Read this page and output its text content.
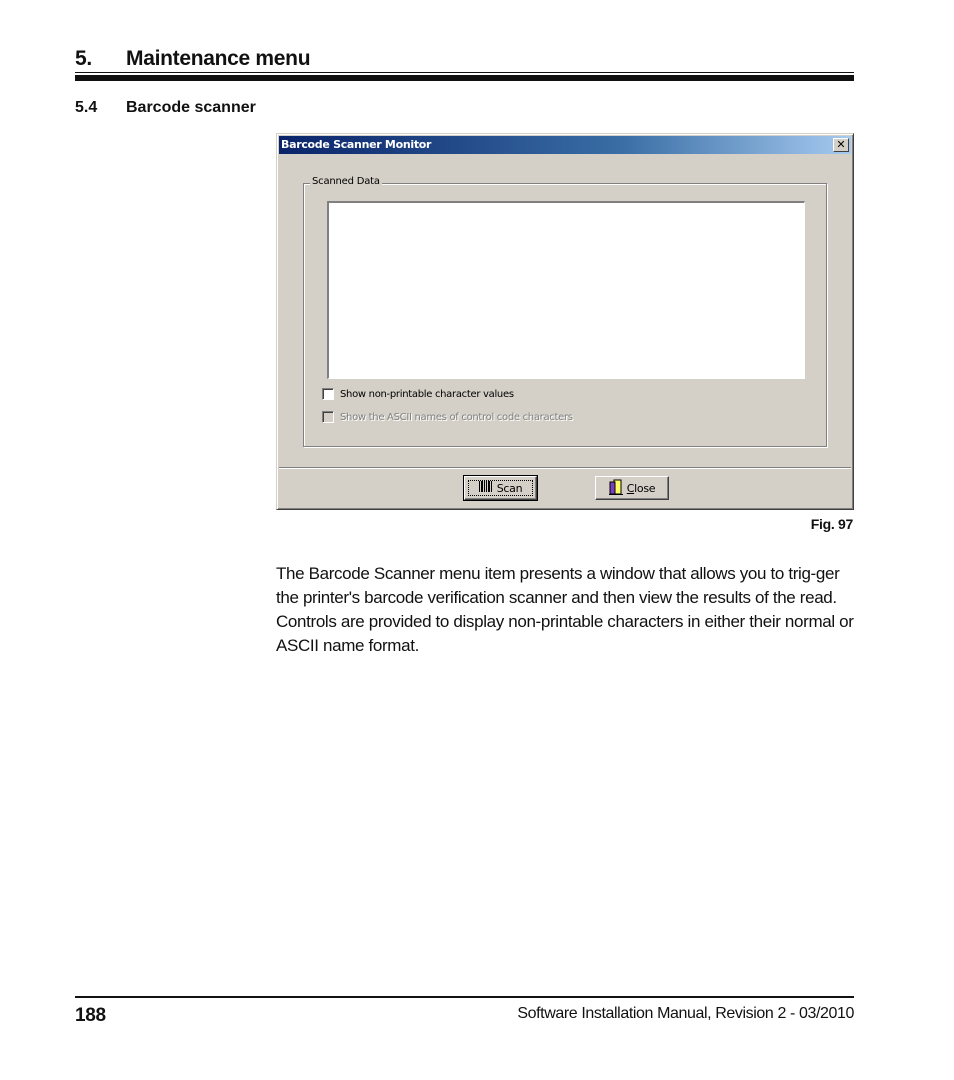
5. Maintenance menu
5.4 Barcode scanner
Barcode Scanner Monitor	✕
Scanned Data
Show non-printable character values
Show the ASCII names of control code characters
Scan	Close
Fig. 97
The Barcode Scanner menu item presents a window that allows you to trig-ger the printer's barcode verification scanner and then view the results of the read. Controls are provided to display non-printable characters in either their normal or ASCII name format.
188	Software Installation Manual, Revision 2 - 03/2010
